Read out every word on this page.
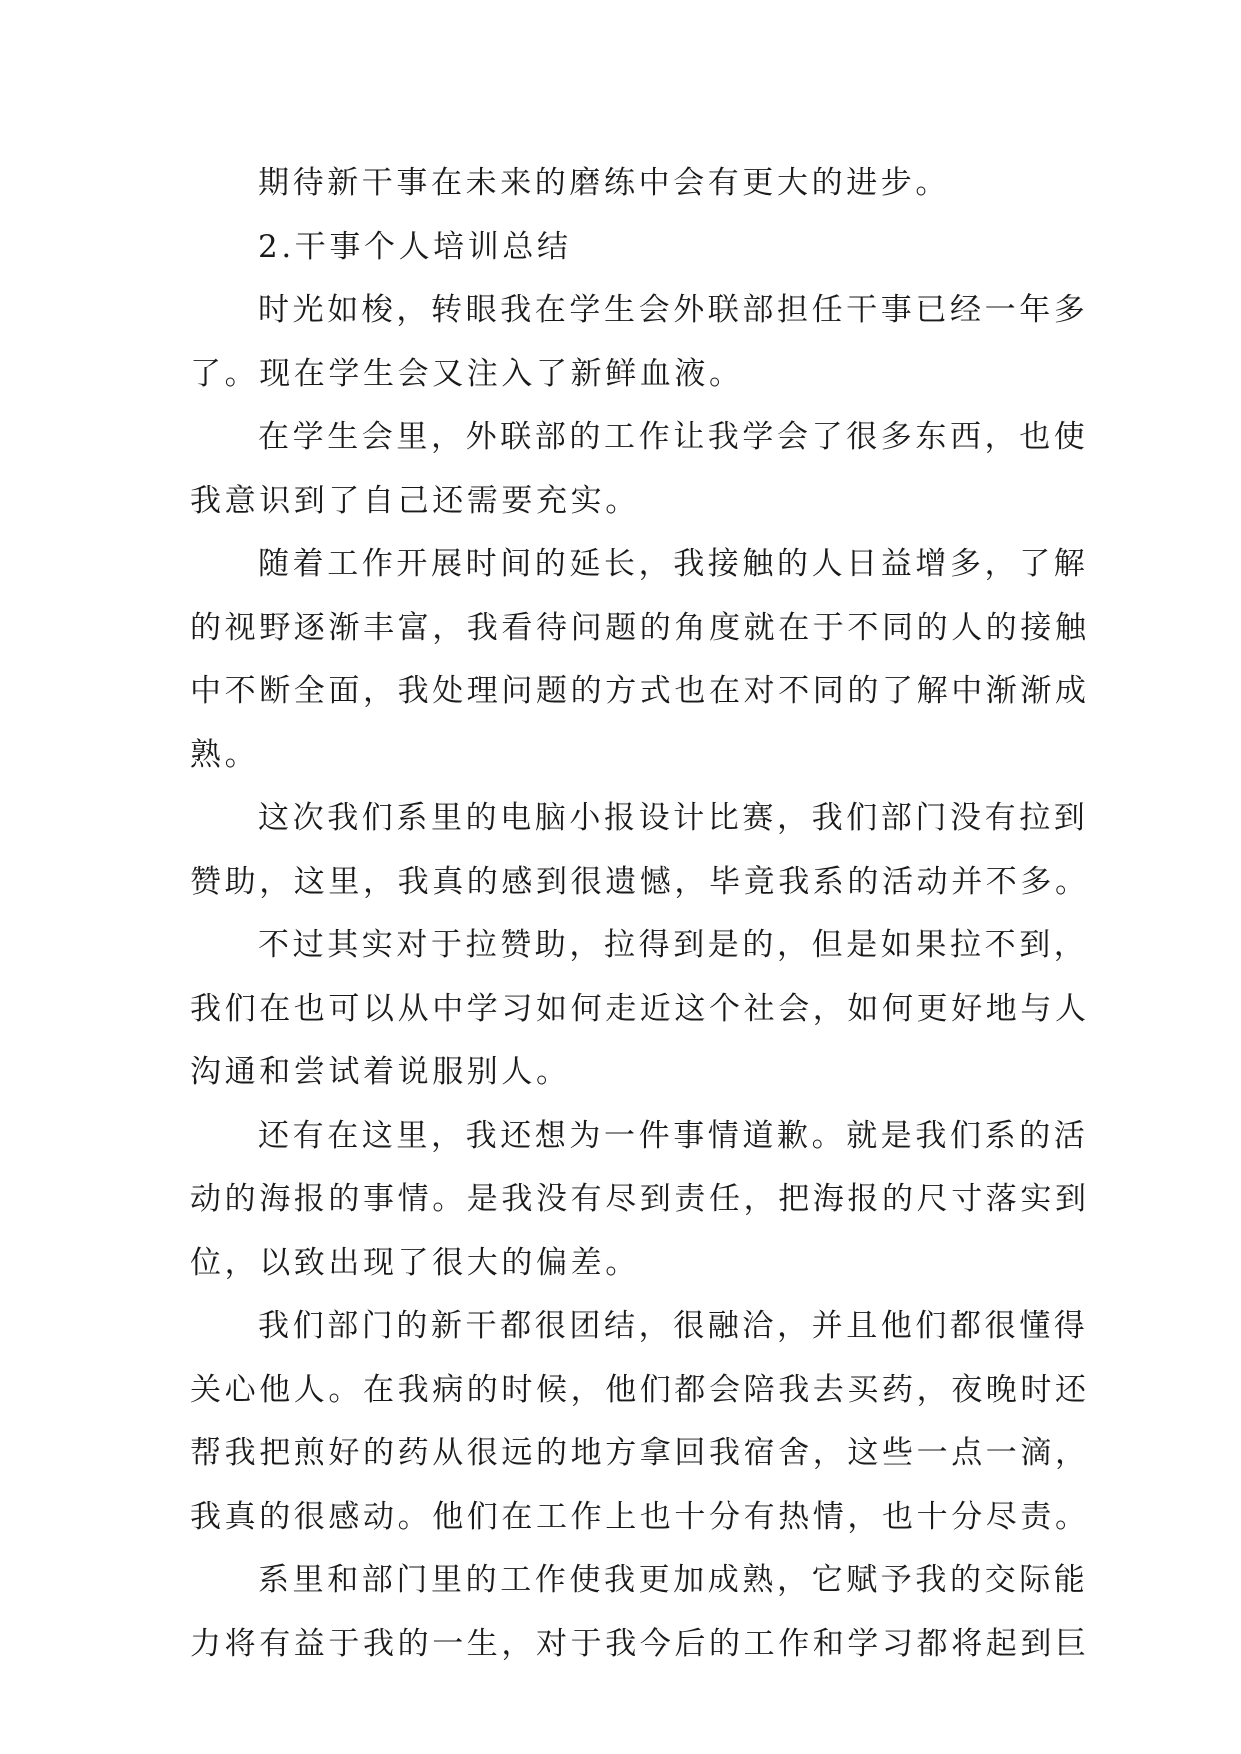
期待新干事在未来的磨练中会有更大的进步。
2.干事个人培训总结
时光如梭，转眼我在学生会外联部担任干事已经一年多
了。现在学生会又注入了新鲜血液。
在学生会里，外联部的工作让我学会了很多东西，也使
我意识到了自己还需要充实。
随着工作开展时间的延长，我接触的人日益增多，了解
的视野逐渐丰富，我看待问题的角度就在于不同的人的接触
中不断全面，我处理问题的方式也在对不同的了解中渐渐成
熟。
这次我们系里的电脑小报设计比赛，我们部门没有拉到
赞助，这里，我真的感到很遗憾，毕竟我系的活动并不多。
不过其实对于拉赞助，拉得到是的，但是如果拉不到，
我们在也可以从中学习如何走近这个社会，如何更好地与人
沟通和尝试着说服别人。
还有在这里，我还想为一件事情道歉。就是我们系的活
动的海报的事情。是我没有尽到责任，把海报的尺寸落实到
位，以致出现了很大的偏差。
我们部门的新干都很团结，很融洽，并且他们都很懂得
关心他人。在我病的时候，他们都会陪我去买药，夜晚时还
帮我把煎好的药从很远的地方拿回我宿舍，这些一点一滴，
我真的很感动。他们在工作上也十分有热情，也十分尽责。
系里和部门里的工作使我更加成熟，它赋予我的交际能
力将有益于我的一生，对于我今后的工作和学习都将起到巨
